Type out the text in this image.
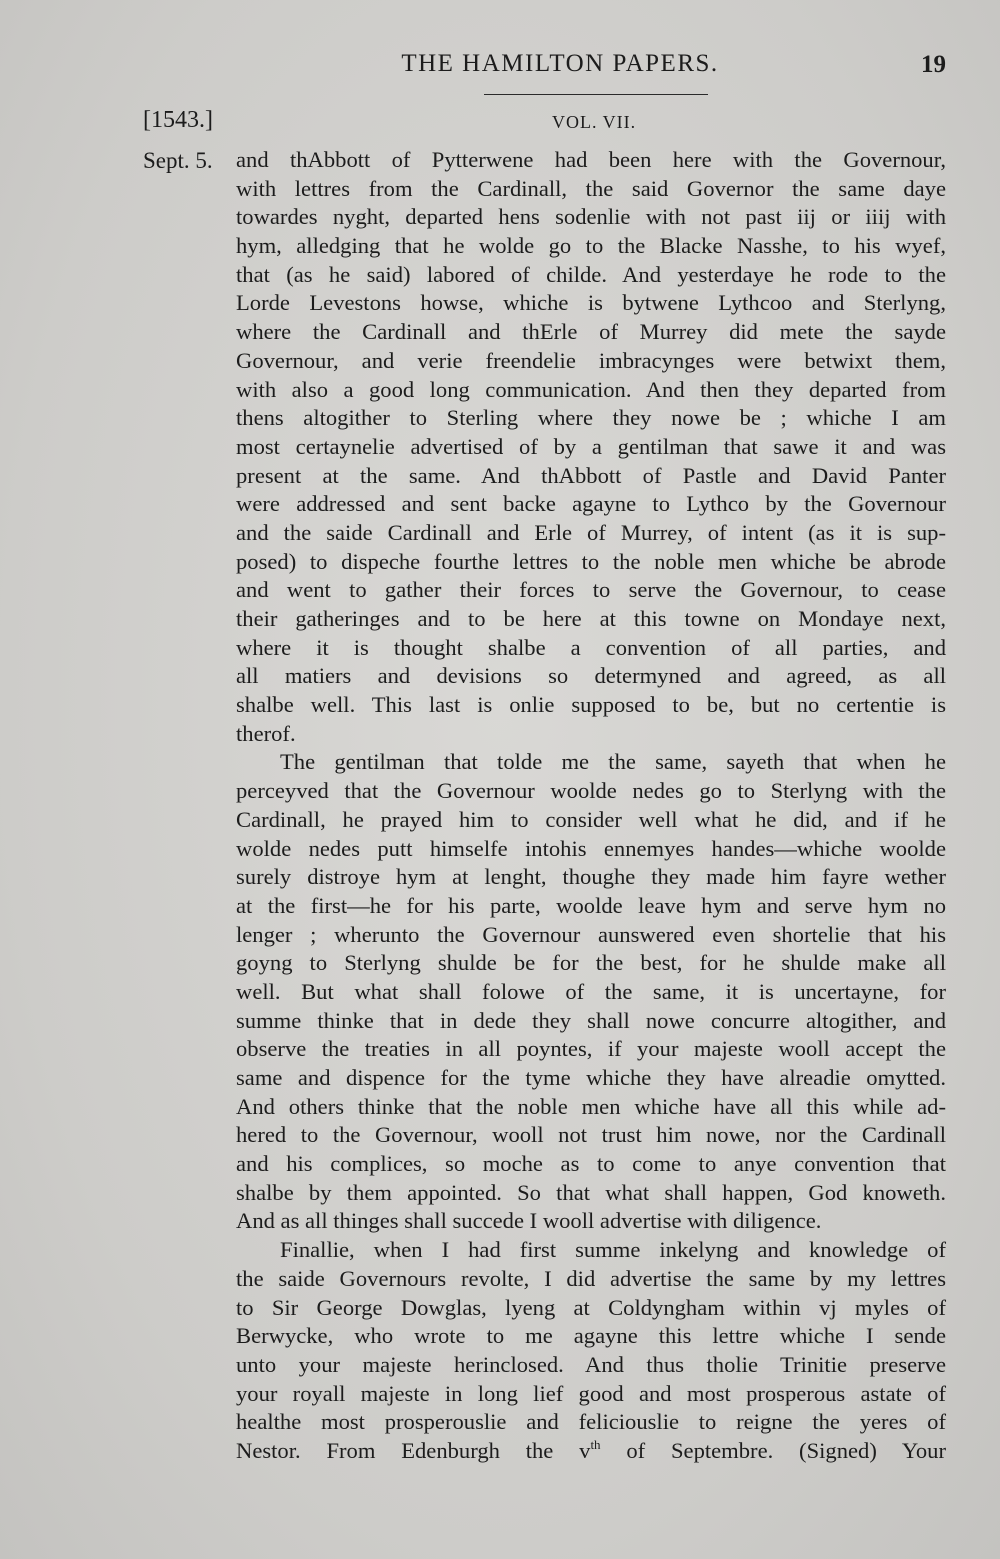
THE HAMILTON PAPERS.	19
[1543.]	VOL. VII.
Sept. 5. and thAbbott of Pytterwene had been here with the Governour,
with lettres from the Cardinall, the said Governor the same daye
towardes nyght, departed hens sodenlie with not past iij or iiij with
hym, alledging that he wolde go to the Blacke Nasshe, to his wyef,
that (as he said) labored of childe. And yesterdaye he rode to the
Lorde Levestons howse, whiche is bytwene Lythcoo and Sterlyng,
where the Cardinall and thErle of Murrey did mete the sayde
Governour, and verie freendelie imbracynges were betwixt them,
with also a good long communication. And then they departed from
thens altogither to Sterling where they nowe be ; whiche I am
most certaynelie advertised of by a gentilman that sawe it and was
present at the same. And thAbbott of Pastle and David Panter
were addressed and sent backe agayne to Lythco by the Governour
and the saide Cardinall and Erle of Murrey, of intent (as it is sup-
posed) to dispeche fourthe lettres to the noble men whiche be abrode
and went to gather their forces to serve the Governour, to cease
their gatheringes and to be here at this towne on Mondaye next,
where it is thought shalbe a convention of all parties, and
all matiers and devisions so determyned and agreed, as all
shalbe well. This last is onlie supposed to be, but no certentie is
therof.
The gentilman that tolde me the same, sayeth that when he
perceyved that the Governour woolde nedes go to Sterlyng with the
Cardinall, he prayed him to consider well what he did, and if he
wolde nedes putt himselfe intohis ennemyes handes—whiche woolde
surely distroye hym at lenght, thoughe they made him fayre wether
at the first—he for his parte, woolde leave hym and serve hym no
lenger ; wherunto the Governour aunswered even shortelie that his
goyng to Sterlyng shulde be for the best, for he shulde make all
well. But what shall folowe of the same, it is uncertayne, for
summe thinke that in dede they shall nowe concurre altogither, and
observe the treaties in all poyntes, if your majeste wooll accept the
same and dispence for the tyme whiche they have alreadie omytted.
And others thinke that the noble men whiche have all this while ad-
hered to the Governour, wooll not trust him nowe, nor the Cardinall
and his complices, so moche as to come to anye convention that
shalbe by them appointed. So that what shall happen, God knoweth.
And as all thinges shall succede I wooll advertise with diligence.
Finallie, when I had first summe inkelyng and knowledge of
the saide Governours revolte, I did advertise the same by my lettres
to Sir George Dowglas, lyeng at Coldyngham within vj myles of
Berwycke, who wrote to me agayne this lettre whiche I sende
unto your majeste herinclosed. And thus tholie Trinitie preserve
your royall majeste in long lief good and most prosperous astate of
healthe most prosperouslie and feliciouslie to reigne the yeres of
Nestor. From Edenburgh the $v^{th}$ of Septembre. (Signed) Your
